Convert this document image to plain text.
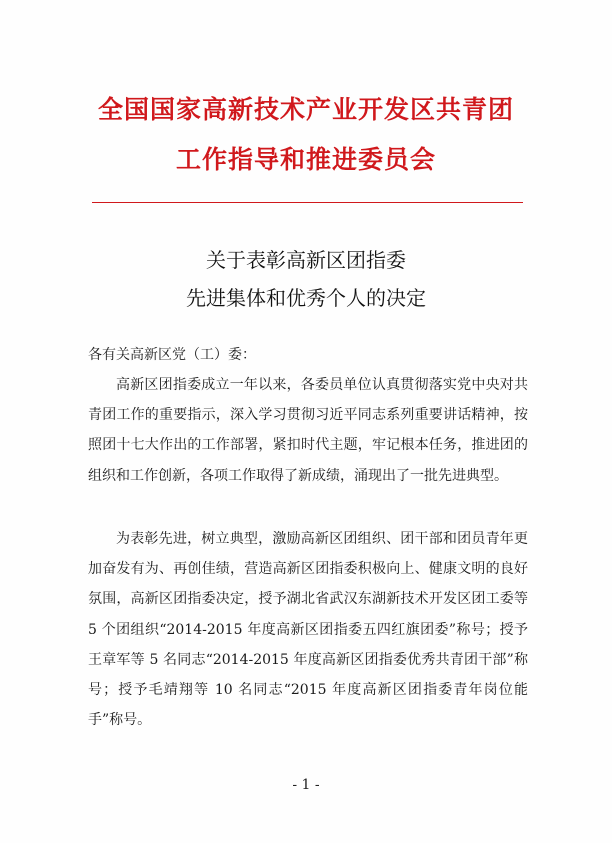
全国国家高新技术产业开发区共青团
工作指导和推进委员会
关于表彰高新区团指委
先进集体和优秀个人的决定
各有关高新区党（工）委：

高新区团指委成立一年以来，各委员单位认真贯彻落实党中央对共青团工作的重要指示，深入学习贯彻习近平同志系列重要讲话精神，按照团十七大作出的工作部署，紧扣时代主题，牢记根本任务，推进团的组织和工作创新，各项工作取得了新成绩，涌现出了一批先进典型。

为表彰先进，树立典型，激励高新区团组织、团干部和团员青年更加奋发有为、再创佳绩，营造高新区团指委积极向上、健康文明的良好氛围，高新区团指委决定，授予湖北省武汉东湖新技术开发区团工委等 5 个团组织“2014-2015 年度高新区团指委五四红旗团委”称号；授予王章军等 5 名同志“2014-2015 年度高新区团指委优秀共青团干部”称号；授予毛靖翔等 10 名同志“2015 年度高新区团指委青年岗位能手”称号。

- 1 -
